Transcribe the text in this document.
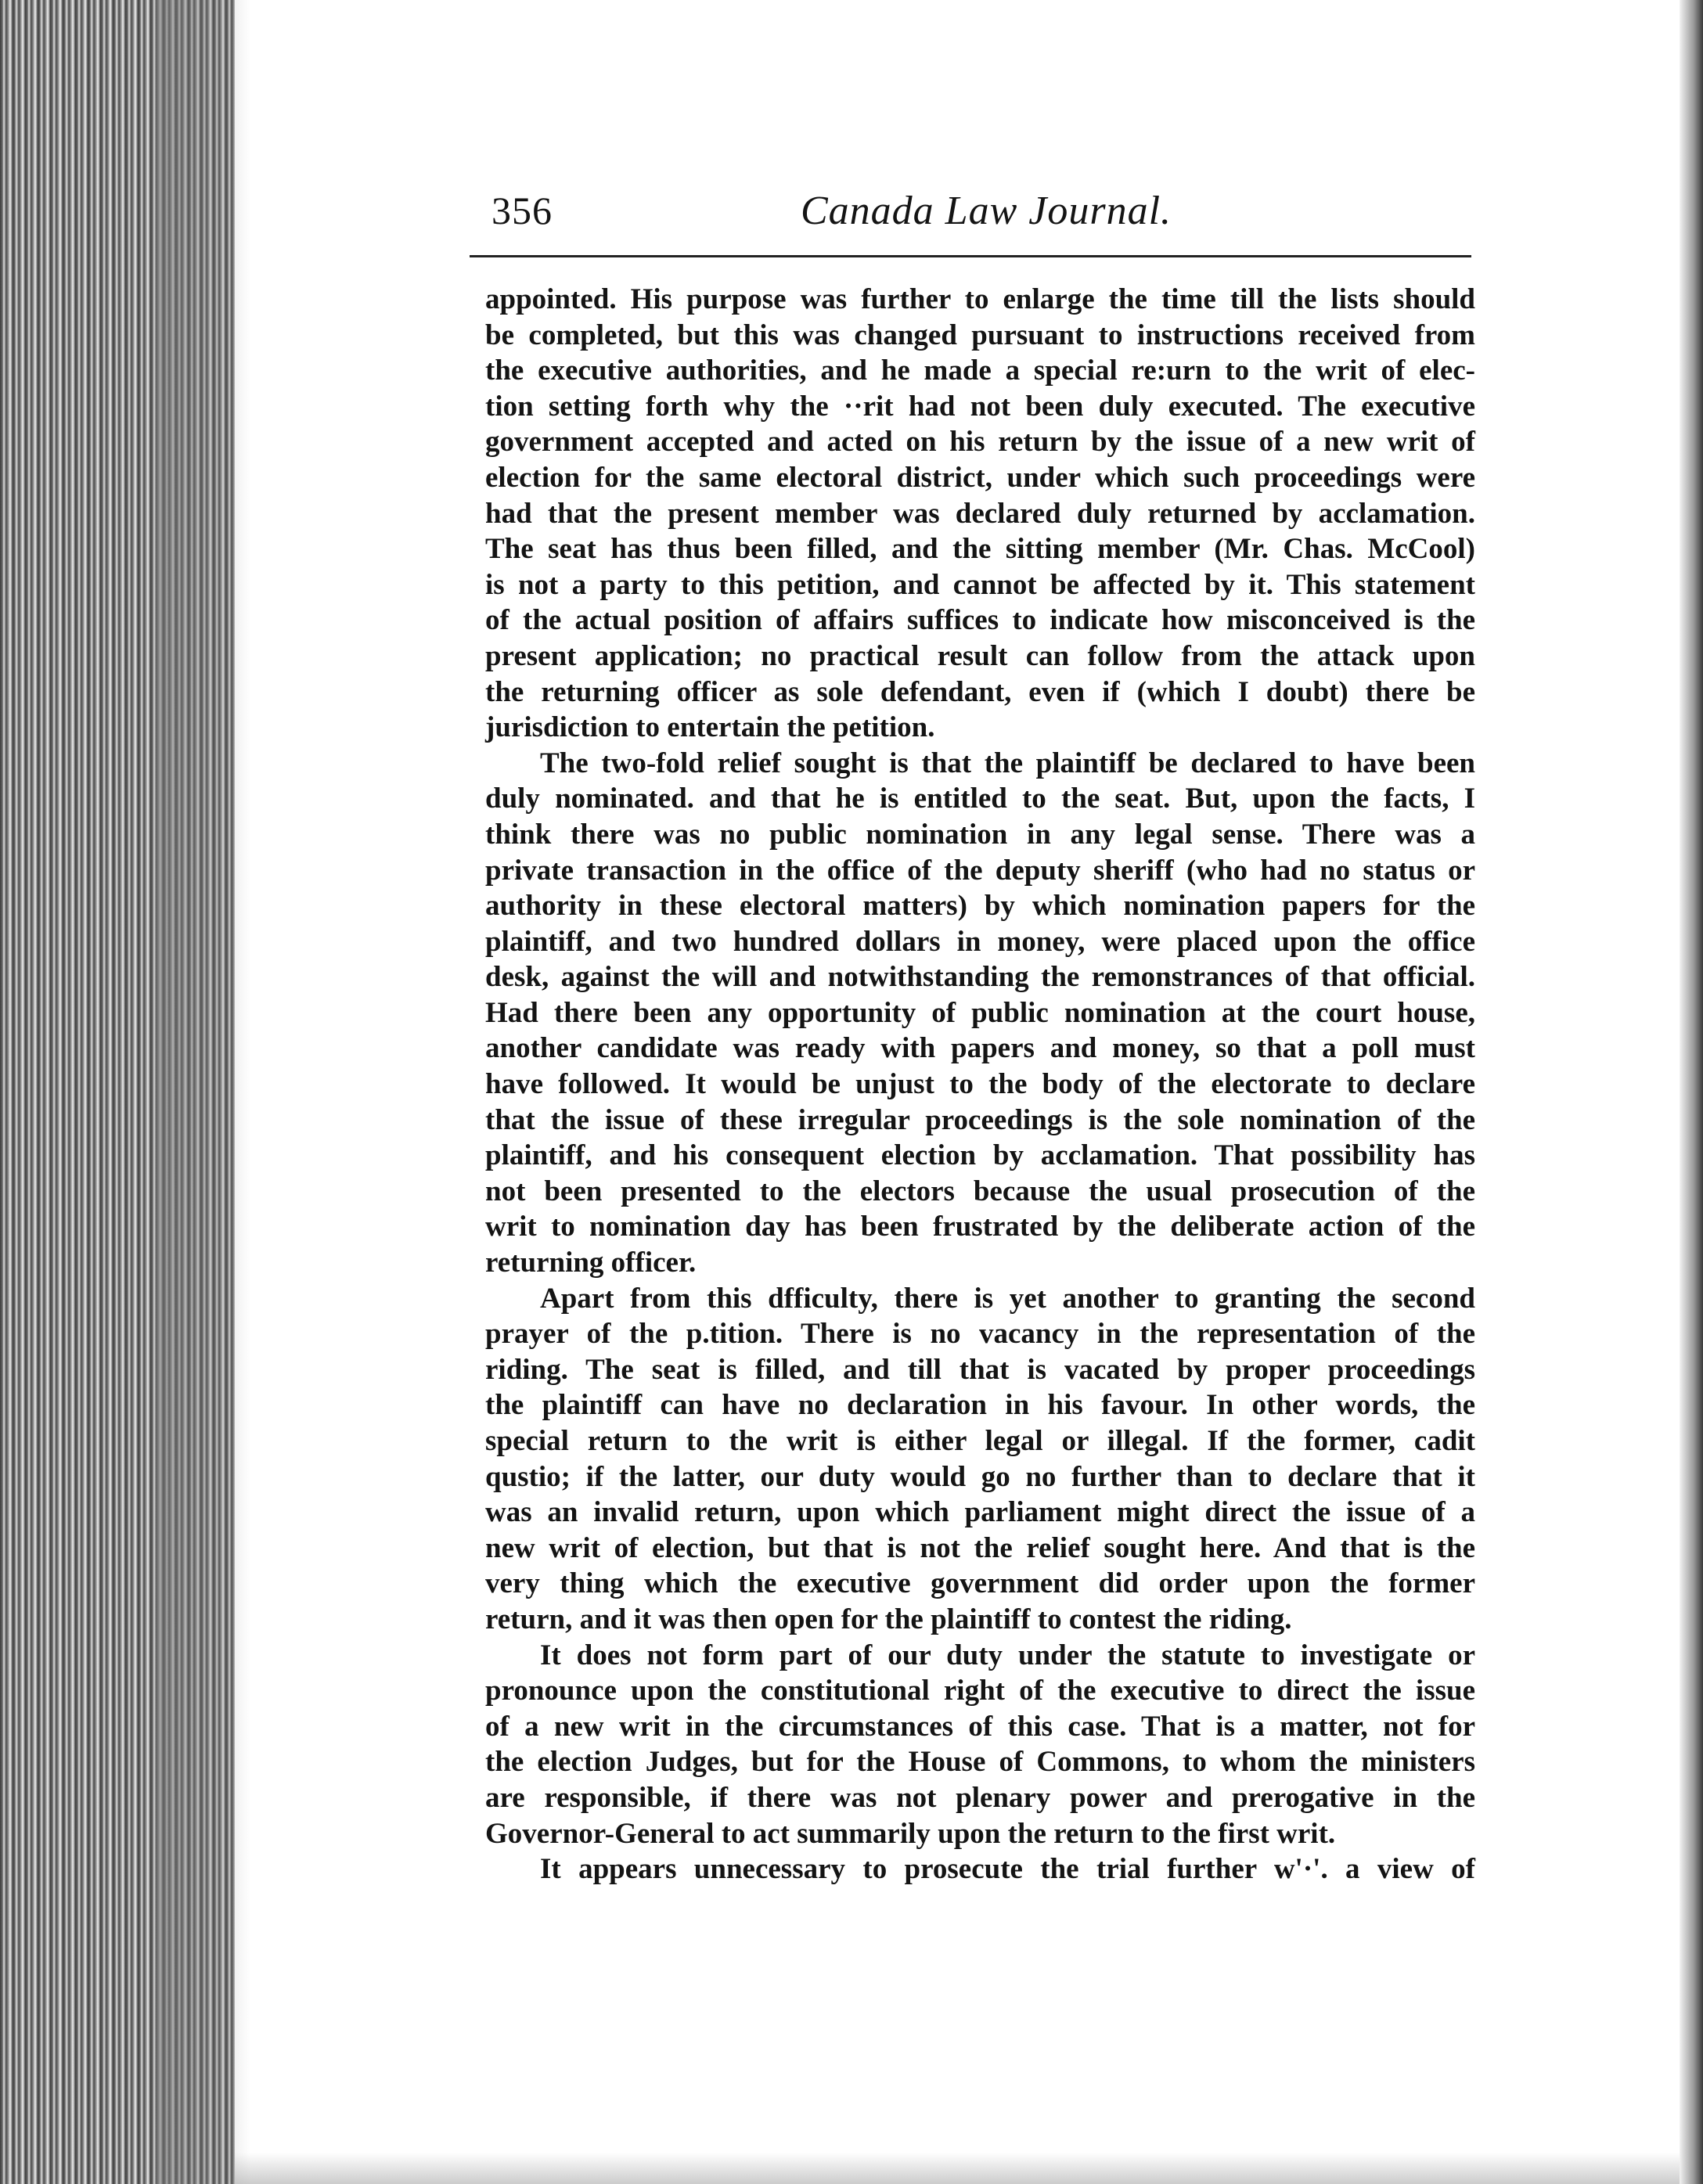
356	Canada Law Journal.
appointed. His purpose was further to enlarge the time till the lists should
be completed, but this was changed pursuant to instructions received from
the executive authorities, and he made a special re:urn to the writ of elec-
tion setting forth why the ··rit had not been duly executed. The executive
government accepted and acted on his return by the issue of a new writ of
election for the same electoral district, under which such proceedings were
had that the present member was declared duly returned by acclamation.
The seat has thus been filled, and the sitting member (Mr. Chas. McCool)
is not a party to this petition, and cannot be affected by it. This statement
of the actual position of affairs suffices to indicate how misconceived is the
present application; no practical result can follow from the attack upon
the returning officer as sole defendant, even if (which I doubt) there be
jurisdiction to entertain the petition.
The two-fold relief sought is that the plaintiff be declared to have been
duly nominated. and that he is entitled to the seat. But, upon the facts, I
think there was no public nomination in any legal sense. There was a
private transaction in the office of the deputy sheriff (who had no status or
authority in these electoral matters) by which nomination papers for the
plaintiff, and two hundred dollars in money, were placed upon the office
desk, against the will and notwithstanding the remonstrances of that official.
Had there been any opportunity of public nomination at the court house,
another candidate was ready with papers and money, so that a poll must
have followed. It would be unjust to the body of the electorate to declare
that the issue of these irregular proceedings is the sole nomination of the
plaintiff, and his consequent election by acclamation. That possibility has
not been presented to the electors because the usual prosecution of the
writ to nomination day has been frustrated by the deliberate action of the
returning officer.
Apart from this dfficulty, there is yet another to granting the second
prayer of the p.tition. There is no vacancy in the representation of the
riding. The seat is filled, and till that is vacated by proper proceedings
the plaintiff can have no declaration in his favour. In other words, the
special return to the writ is either legal or illegal. If the former, cadit
qustio; if the latter, our duty would go no further than to declare that it
was an invalid return, upon which parliament might direct the issue of a
new writ of election, but that is not the relief sought here. And that is the
very thing which the executive government did order upon the former
return, and it was then open for the plaintiff to contest the riding.
It does not form part of our duty under the statute to investigate or
pronounce upon the constitutional right of the executive to direct the issue
of a new writ in the circumstances of this case. That is a matter, not for
the election Judges, but for the House of Commons, to whom the ministers
are responsible, if there was not plenary power and prerogative in the
Governor-General to act summarily upon the return to the first writ.
It appears unnecessary to prosecute the trial further w'·'. a view of
